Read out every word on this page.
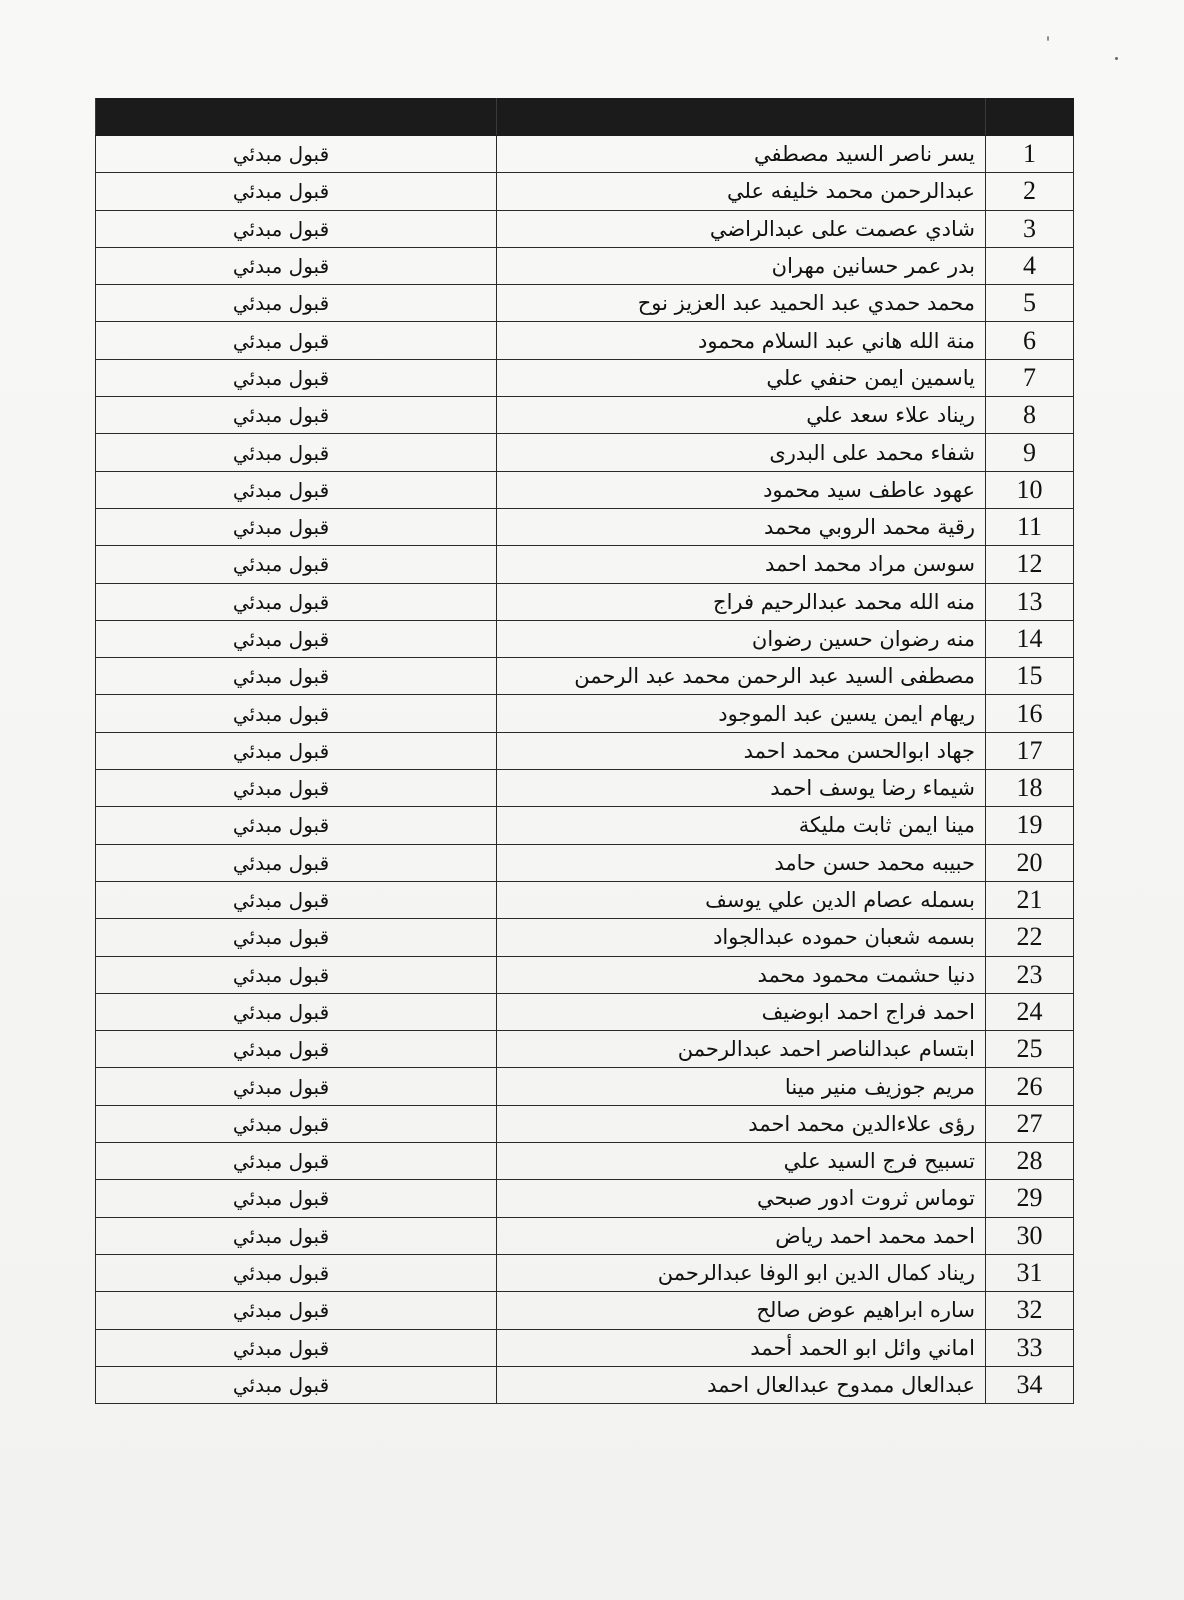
1	يسر ناصر السيد مصطفي	قبول مبدئي
2	عبدالرحمن محمد خليفه علي	قبول مبدئي
3	شادي عصمت على عبدالراضي	قبول مبدئي
4	بدر عمر حسانين مهران	قبول مبدئي
5	محمد حمدي عبد الحميد عبد العزيز نوح	قبول مبدئي
6	منة الله هاني عبد السلام محمود	قبول مبدئي
7	ياسمين ايمن حنفي علي	قبول مبدئي
8	ريناد علاء سعد علي	قبول مبدئي
9	شفاء محمد على البدرى	قبول مبدئي
10	عهود عاطف سيد محمود	قبول مبدئي
11	رقية محمد الروبي محمد	قبول مبدئي
12	سوسن مراد محمد احمد	قبول مبدئي
13	منه الله محمد عبدالرحيم فراج	قبول مبدئي
14	منه رضوان حسين رضوان	قبول مبدئي
15	مصطفى السيد عبد الرحمن محمد عبد الرحمن	قبول مبدئي
16	ريهام ايمن يسين عبد الموجود	قبول مبدئي
17	جهاد ابوالحسن محمد احمد	قبول مبدئي
18	شيماء رضا يوسف احمد	قبول مبدئي
19	مينا ايمن ثابت مليكة	قبول مبدئي
20	حبيبه محمد حسن حامد	قبول مبدئي
21	بسمله عصام الدين علي يوسف	قبول مبدئي
22	بسمه شعبان حموده عبدالجواد	قبول مبدئي
23	دنيا حشمت محمود محمد	قبول مبدئي
24	احمد فراج احمد ابوضيف	قبول مبدئي
25	ابتسام عبدالناصر احمد عبدالرحمن	قبول مبدئي
26	مريم جوزيف منير مينا	قبول مبدئي
27	رؤى علاءالدين محمد احمد	قبول مبدئي
28	تسبيح فرج السيد علي	قبول مبدئي
29	توماس ثروت ادور صبحي	قبول مبدئي
30	احمد محمد احمد رياض	قبول مبدئي
31	ريناد كمال الدين ابو الوفا عبدالرحمن	قبول مبدئي
32	ساره ابراهيم عوض صالح	قبول مبدئي
33	اماني وائل ابو الحمد أحمد	قبول مبدئي
34	عبدالعال ممدوح عبدالعال احمد	قبول مبدئي
